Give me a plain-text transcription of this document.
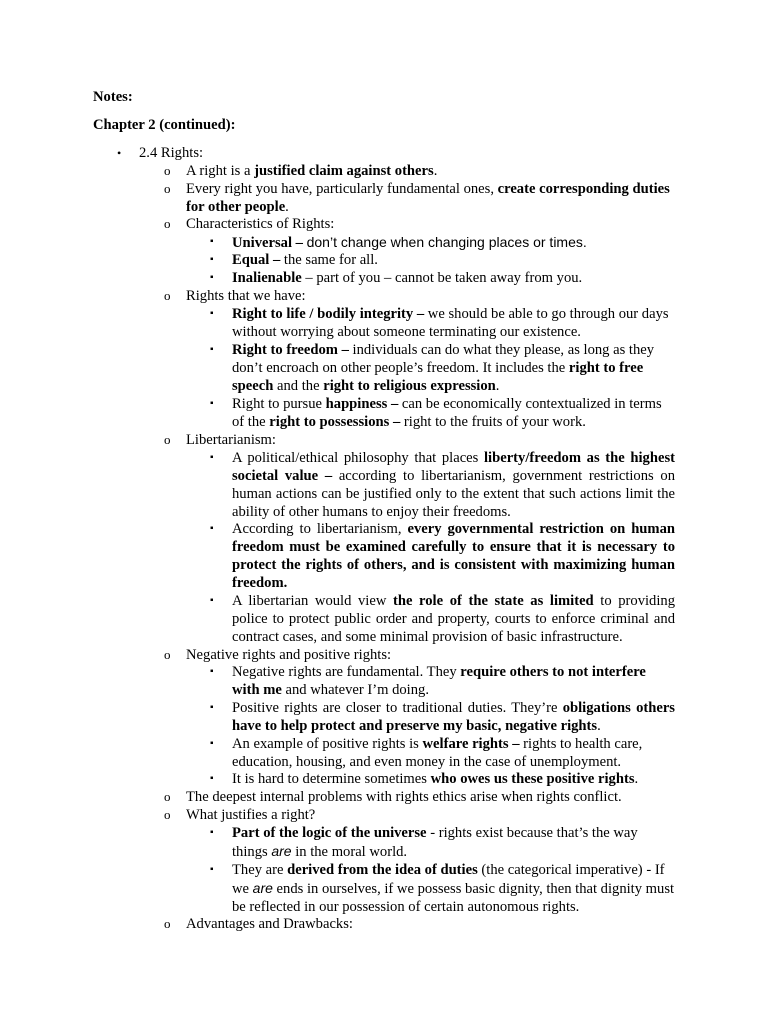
Notes:
Chapter 2 (continued):
• 2.4 Rights:
o A right is a justified claim against others.
o Every right you have, particularly fundamental ones, create corresponding duties for other people.
o Characteristics of Rights:
▪ Universal – don’t change when changing places or times.
▪ Equal – the same for all.
▪ Inalienable – part of you – cannot be taken away from you.
o Rights that we have:
▪ Right to life / bodily integrity – we should be able to go through our days without worrying about someone terminating our existence.
▪ Right to freedom – individuals can do what they please, as long as they don’t encroach on other people’s freedom. It includes the right to free speech and the right to religious expression.
▪ Right to pursue happiness – can be economically contextualized in terms of the right to possessions – right to the fruits of your work.
o Libertarianism:
▪ A political/ethical philosophy that places liberty/freedom as the highest societal value – according to libertarianism, government restrictions on human actions can be justified only to the extent that such actions limit the ability of other humans to enjoy their freedoms.
▪ According to libertarianism, every governmental restriction on human freedom must be examined carefully to ensure that it is necessary to protect the rights of others, and is consistent with maximizing human freedom.
▪ A libertarian would view the role of the state as limited to providing police to protect public order and property, courts to enforce criminal and contract cases, and some minimal provision of basic infrastructure.
o Negative rights and positive rights:
▪ Negative rights are fundamental. They require others to not interfere with me and whatever I’m doing.
▪ Positive rights are closer to traditional duties. They’re obligations others have to help protect and preserve my basic, negative rights.
▪ An example of positive rights is welfare rights – rights to health care, education, housing, and even money in the case of unemployment.
▪ It is hard to determine sometimes who owes us these positive rights.
o The deepest internal problems with rights ethics arise when rights conflict.
o What justifies a right?
▪ Part of the logic of the universe - rights exist because that’s the way things are in the moral world.
▪ They are derived from the idea of duties (the categorical imperative) - If we are ends in ourselves, if we possess basic dignity, then that dignity must be reflected in our possession of certain autonomous rights.
o Advantages and Drawbacks:
